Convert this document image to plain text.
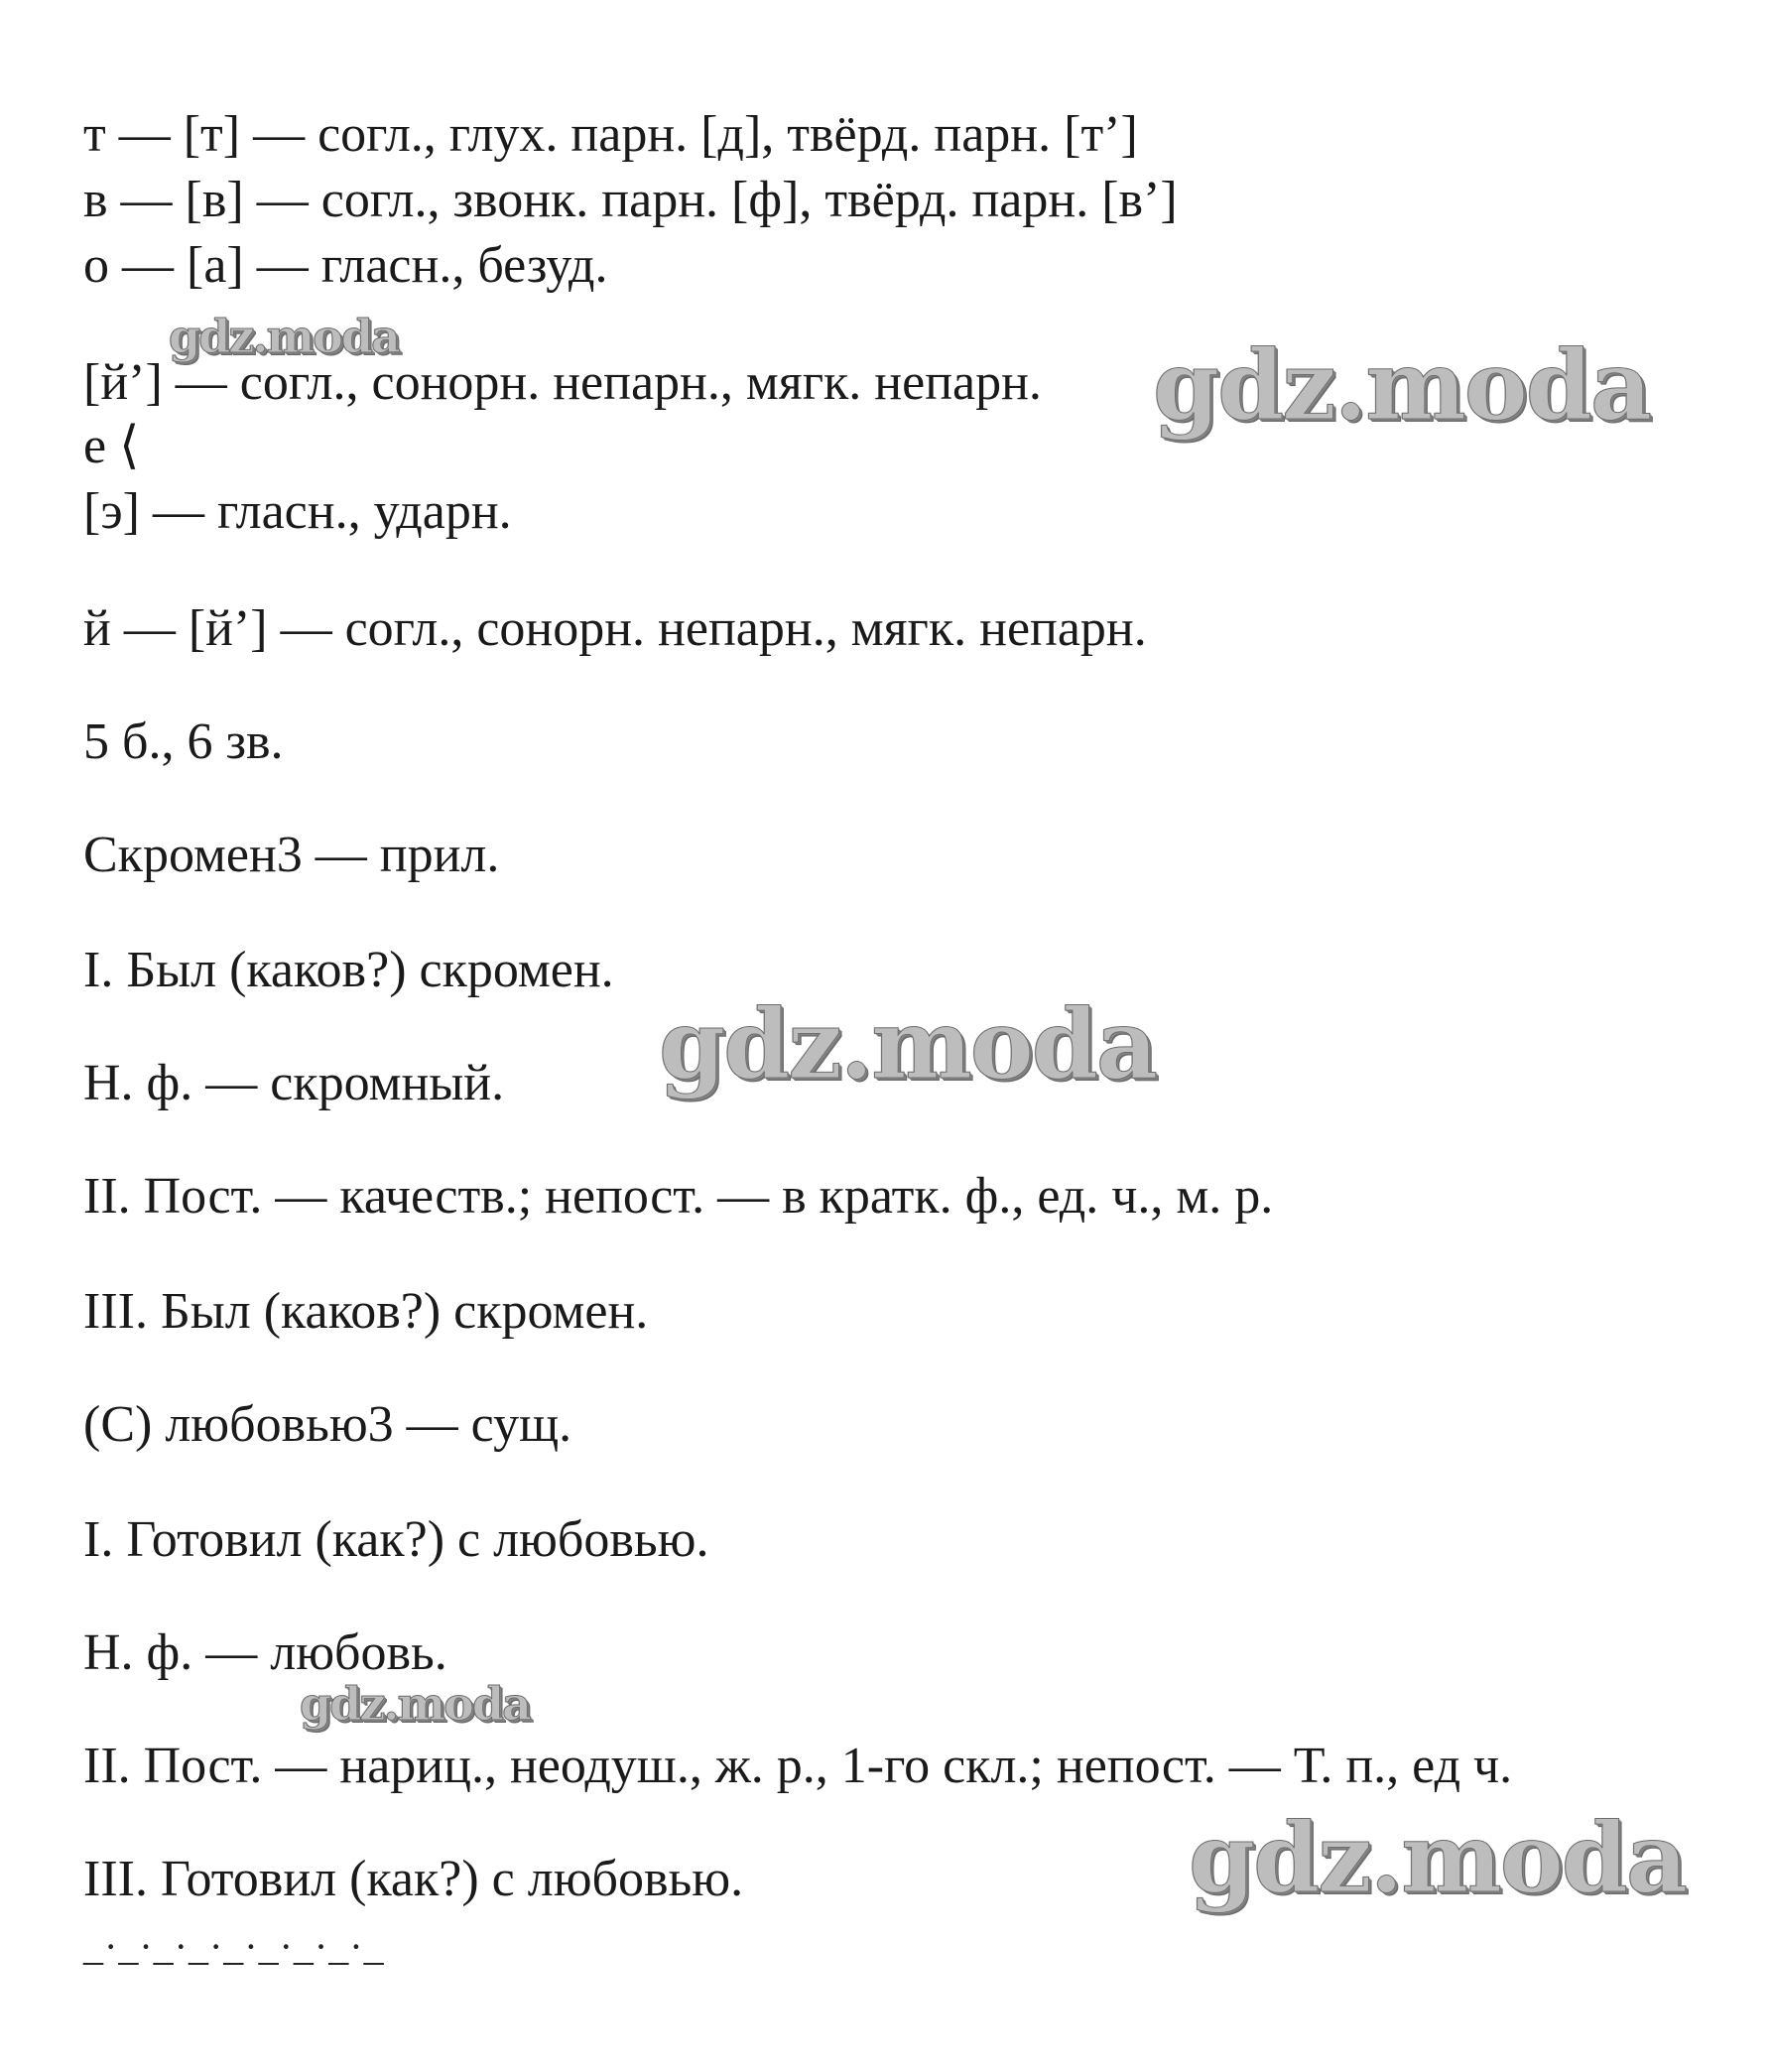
т — [т] — согл., глух. парн. [д], твёрд. парн. [т’]
в — [в] — согл., звонк. парн. [ф], твёрд. парн. [в’]
о — [а] — гласн., безуд.
[й’] — согл., сонорн. непарн., мягк. непарн.
е ⟨
[э] — гласн., ударн.
й — [й’] — согл., сонорн. непарн., мягк. непарн.
5 б., 6 зв.
Скромен3 — прил.
I. Был (каков?) скромен.
Н. ф. — скромный.
II. Пост. — качеств.; непост. — в кратк. ф., ед. ч., м. р.
III. Был (каков?) скромен.
(С) любовью3 — сущ.
I. Готовил (как?) с любовью.
Н. ф. — любовь.
II. Пост. — нариц., неодуш., ж. р., 1-го скл.; непост. — Т. п., ед ч.
III. Готовил (как?) с любовью.
_·_·_·_·_·_·_·_·_
gdz.moda	gdz.moda
gdz.moda
gdz.moda
gdz.moda
